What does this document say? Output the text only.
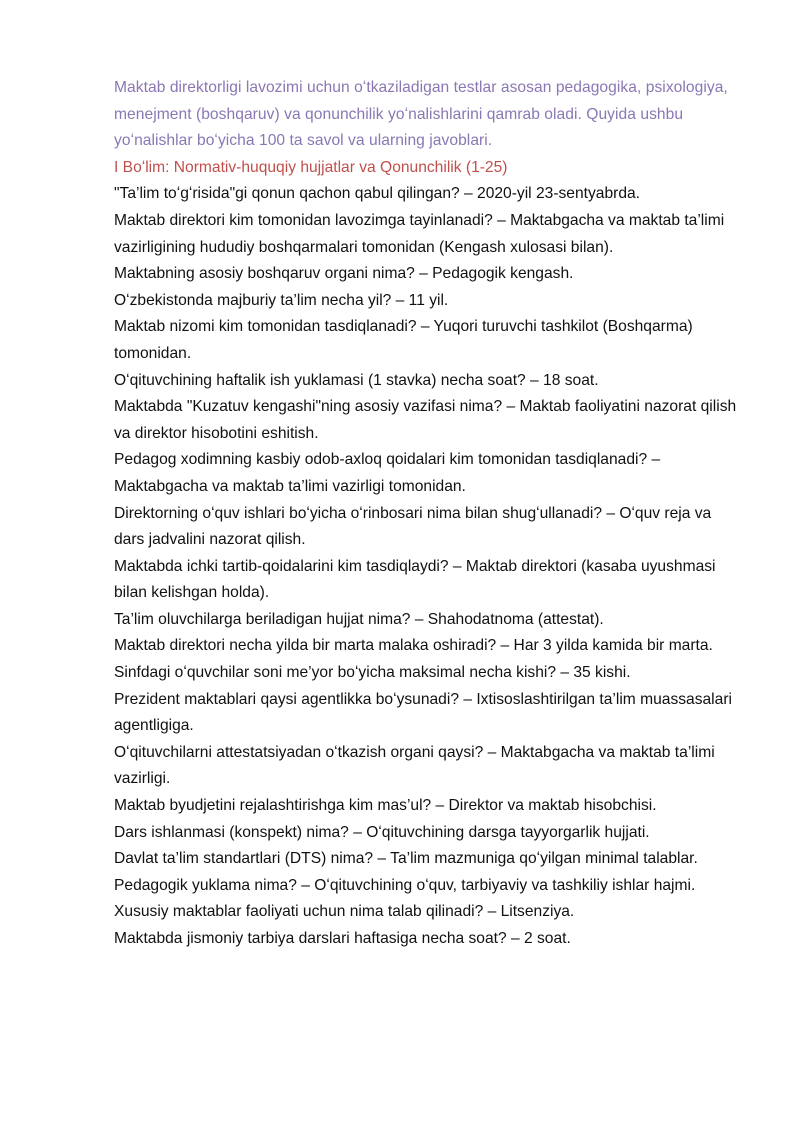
Maktab direktorligi lavozimi uchun oʻtkaziladigan testlar asosan pedagogika, psixologiya, menejment (boshqaruv) va qonunchilik yoʻnalishlarini qamrab oladi. Quyida ushbu yoʻnalishlar boʻyicha 100 ta savol va ularning javoblari.

I Boʻlim: Normativ-huquqiy hujjatlar va Qonunchilik (1-25)

"Ta’lim toʻgʻrisida"gi qonun qachon qabul qilingan? – 2020-yil 23-sentyabrda.

Maktab direktori kim tomonidan lavozimga tayinlanadi? – Maktabgacha va maktab ta’limi vazirligining hududiy boshqarmalari tomonidan (Kengash xulosasi bilan).

Maktabning asosiy boshqaruv organi nima? – Pedagogik kengash.

Oʻzbekistonda majburiy ta’lim necha yil? – 11 yil.

Maktab nizomi kim tomonidan tasdiqlanadi? – Yuqori turuvchi tashkilot (Boshqarma) tomonidan.

Oʻqituvchining haftalik ish yuklamasi (1 stavka) necha soat? – 18 soat.

Maktabda "Kuzatuv kengashi"ning asosiy vazifasi nima? – Maktab faoliyatini nazorat qilish va direktor hisobotini eshitish.

Pedagog xodimning kasbiy odob-axloq qoidalari kim tomonidan tasdiqlanadi? – Maktabgacha va maktab ta’limi vazirligi tomonidan.

Direktorning oʻquv ishlari boʻyicha oʻrinbosari nima bilan shugʻullanadi? – Oʻquv reja va dars jadvalini nazorat qilish.

Maktabda ichki tartib-qoidalarini kim tasdiqlaydi? – Maktab direktori (kasaba uyushmasi bilan kelishgan holda).

Ta’lim oluvchilarga beriladigan hujjat nima? – Shahodatnoma (attestat).

Maktab direktori necha yilda bir marta malaka oshiradi? – Har 3 yilda kamida bir marta.

Sinfdagi oʻquvchilar soni me’yor boʻyicha maksimal necha kishi? – 35 kishi.

Prezident maktablari qaysi agentlikka boʻysunadi? – Ixtisoslashtirilgan ta’lim muassasalari agentligiga.

Oʻqituvchilarni attestatsiyadan oʻtkazish organi qaysi? – Maktabgacha va maktab ta’limi vazirligi.

Maktab byudjetini rejalashtirishga kim mas’ul? – Direktor va maktab hisobchisi.

Dars ishlanmasi (konspekt) nima? – Oʻqituvchining darsga tayyorgarlik hujjati.

Davlat ta’lim standartlari (DTS) nima? – Ta’lim mazmuniga qoʻyilgan minimal talablar.

Pedagogik yuklama nima? – Oʻqituvchining oʻquv, tarbiyaviy va tashkiliy ishlar hajmi.

Xususiy maktablar faoliyati uchun nima talab qilinadi? – Litsenziya.

Maktabda jismoniy tarbiya darslari haftasiga necha soat? – 2 soat.
